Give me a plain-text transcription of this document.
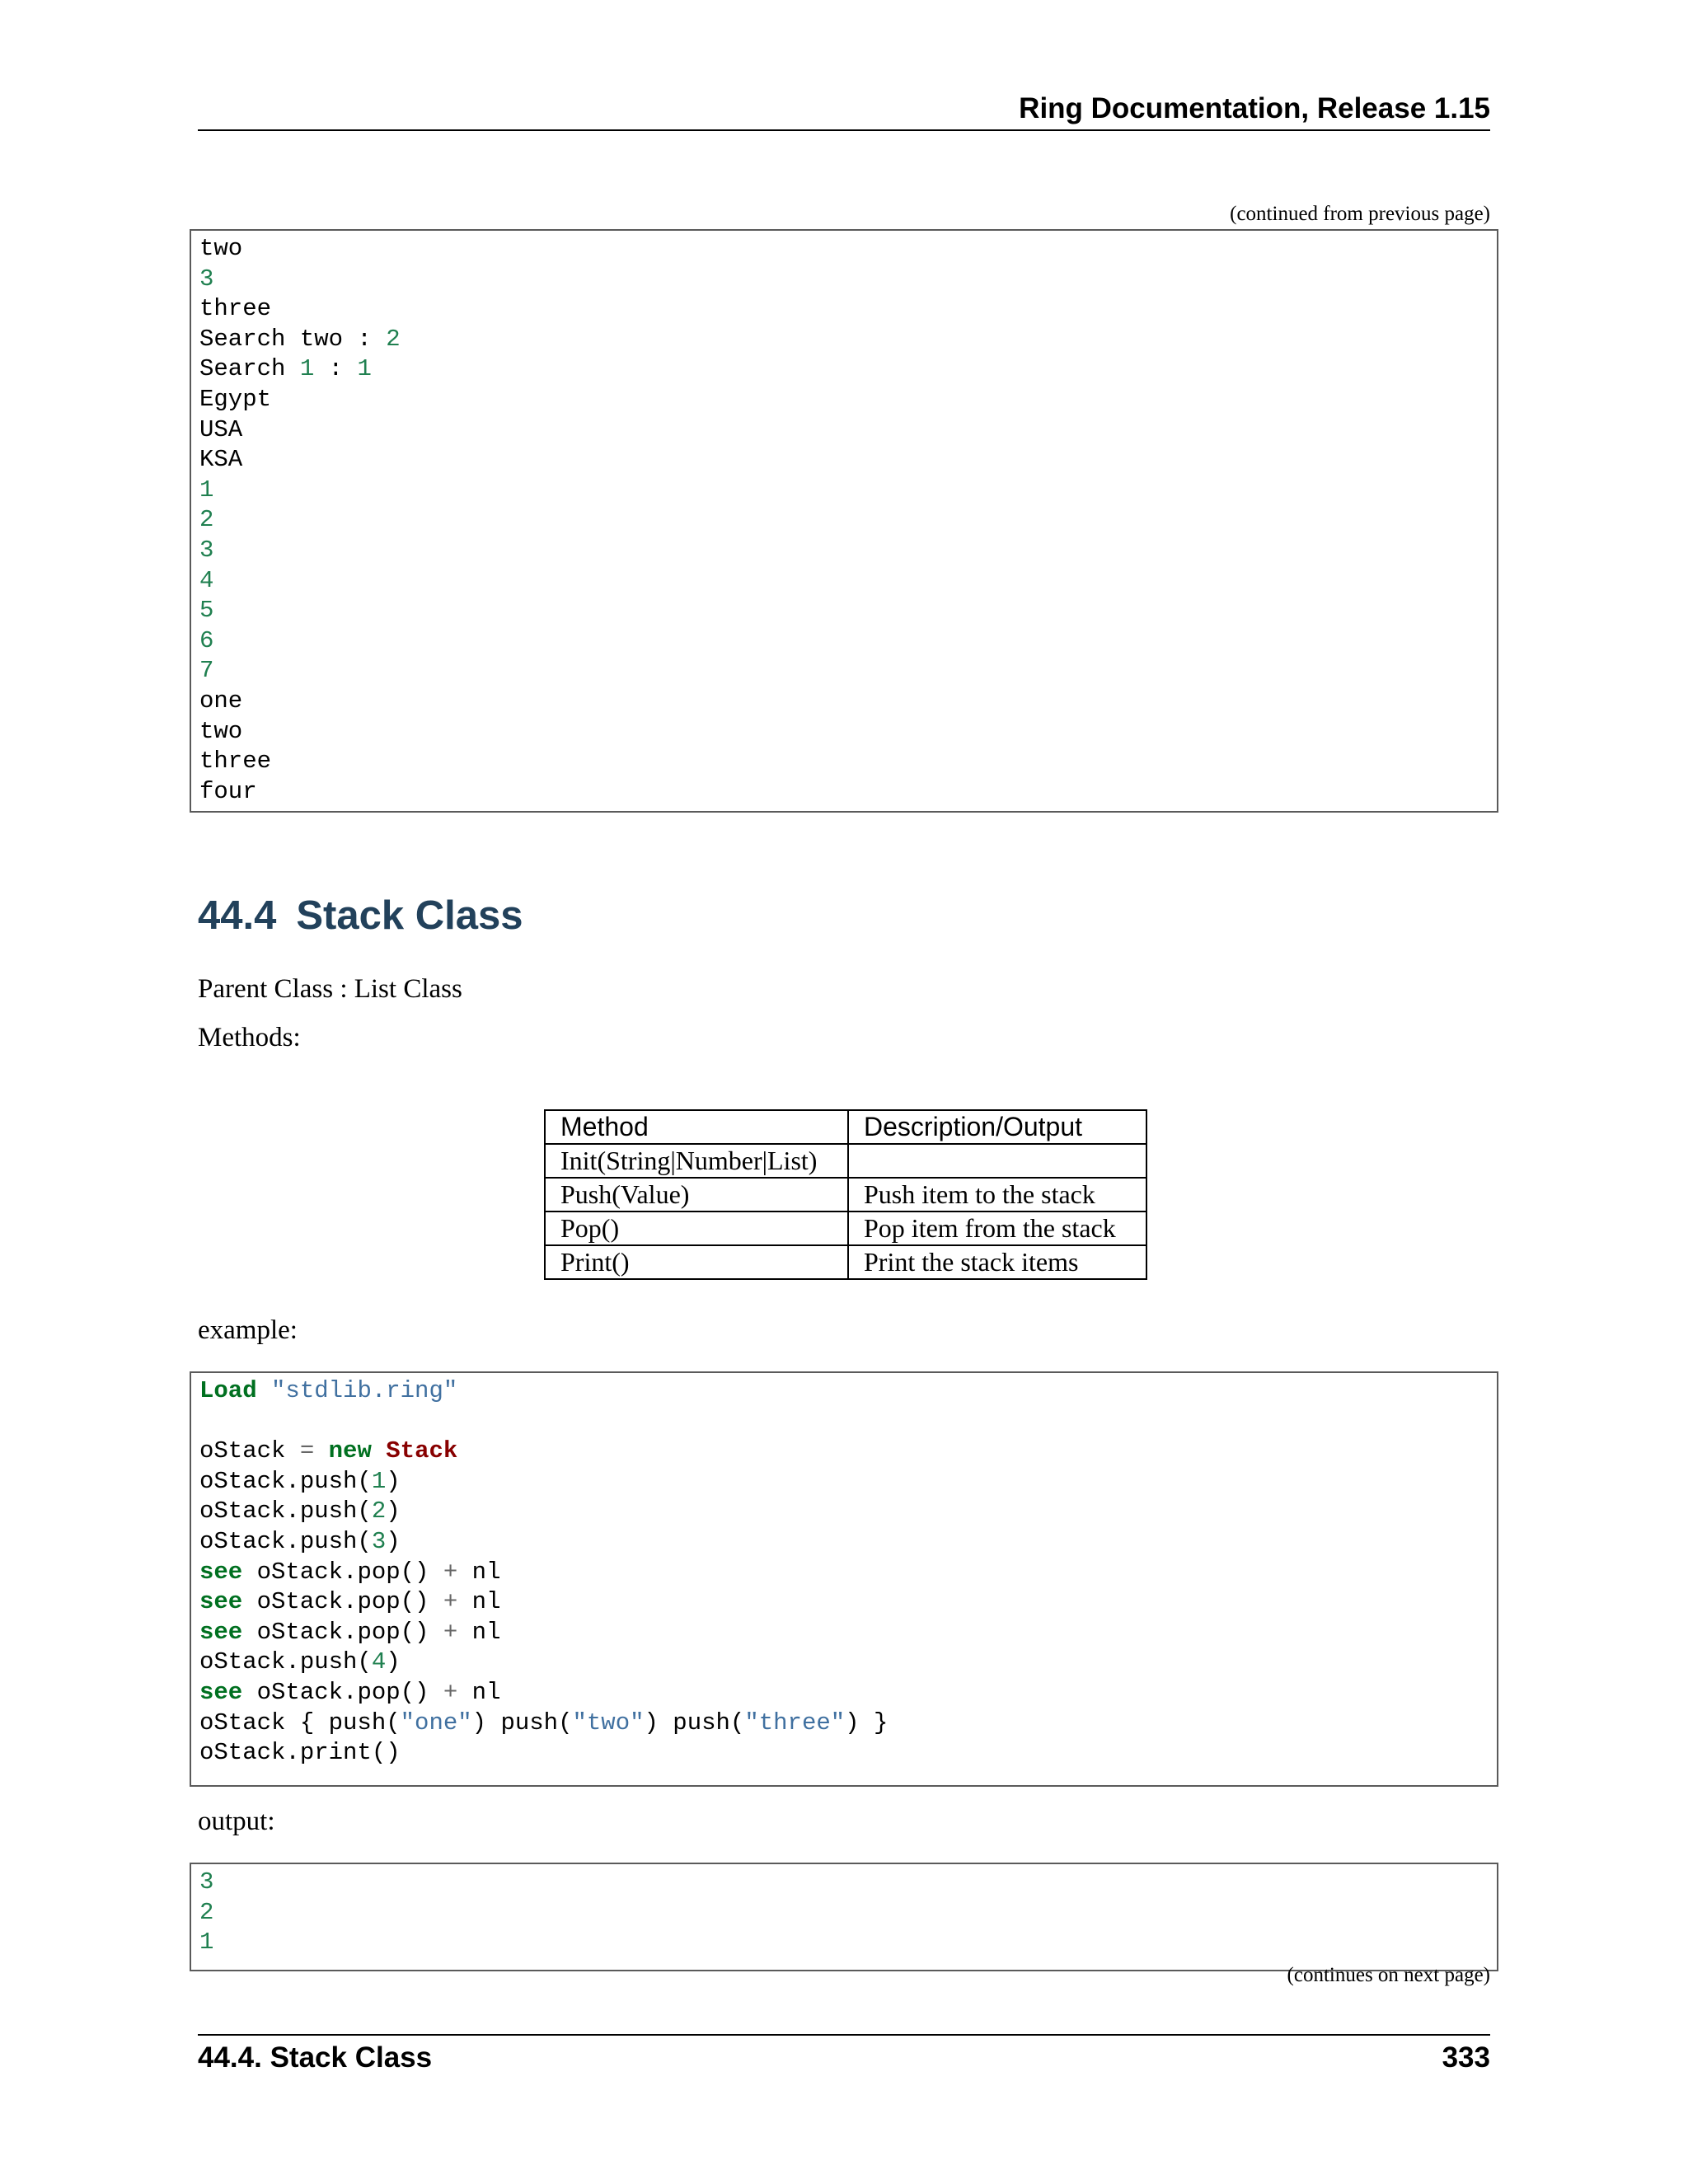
Ring Documentation, Release 1.15
(continued from previous page)
two
3
three
Search two : 2
Search 1 : 1
Egypt
USA
KSA
1
2
3
4
5
6
7
one
two
three
four
44.4 Stack Class
Parent Class : List Class
Methods:
Method	Description/Output
Init(String|Number|List)	
Push(Value)	Push item to the stack
Pop()	Pop item from the stack
Print()	Print the stack items
example:
Load "stdlib.ring"
oStack = new Stack
oStack.push(1)
oStack.push(2)
oStack.push(3)
see oStack.pop() + nl
see oStack.pop() + nl
see oStack.pop() + nl
oStack.push(4)
see oStack.pop() + nl
oStack { push("one") push("two") push("three") }
oStack.print()
output:
3
2
1
(continues on next page)
44.4. Stack Class	333
